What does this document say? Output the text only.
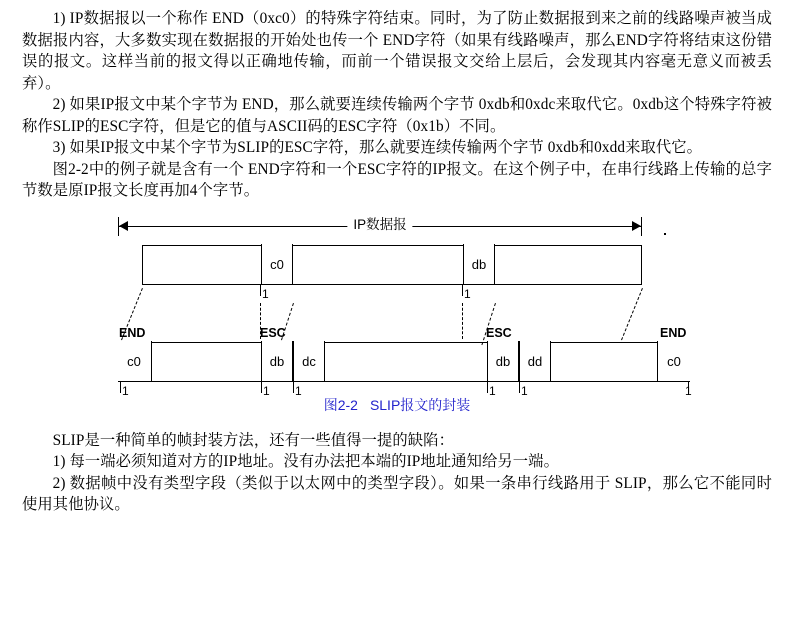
1) IP数据报以一个称作 END（0xc0）的特殊字符结束。同时，为了防止数据报到来之前的线路噪声被当成数据报内容，大多数实现在数据报的开始处也传一个 END字符（如果有线路噪声，那么END字符将结束这份错误的报文。这样当前的报文得以正确地传输，而前一个错误报文交给上层后，会发现其内容毫无意义而被丢弃）。

2) 如果IP报文中某个字节为 END，那么就要连续传输两个字节 0xdb和0xdc来取代它。0xdb这个特殊字符被称作SLIP的ESC字符，但是它的值与ASCII码的ESC字符（0x1b）不同。

3) 如果IP报文中某个字节为SLIP的ESC字符，那么就要连续传输两个字节 0xdb和0xdd来取代它。

图2-2中的例子就是含有一个 END字符和一个ESC字符的IP报文。在这个例子中，在串行线路上传输的总字节数是原IP报文长度再加4个字节。

IP数据报
c0	db
1	1
END	ESC	ESC	END
c0	db	dc	db	dd	c0
1	1 1	1 1	1
图2-2 SLIP报文的封装

SLIP是一种简单的帧封装方法，还有一些值得一提的缺陷：

1) 每一端必须知道对方的IP地址。没有办法把本端的IP地址通知给另一端。

2) 数据帧中没有类型字段（类似于以太网中的类型字段）。如果一条串行线路用于 SLIP，那么它不能同时使用其他协议。
